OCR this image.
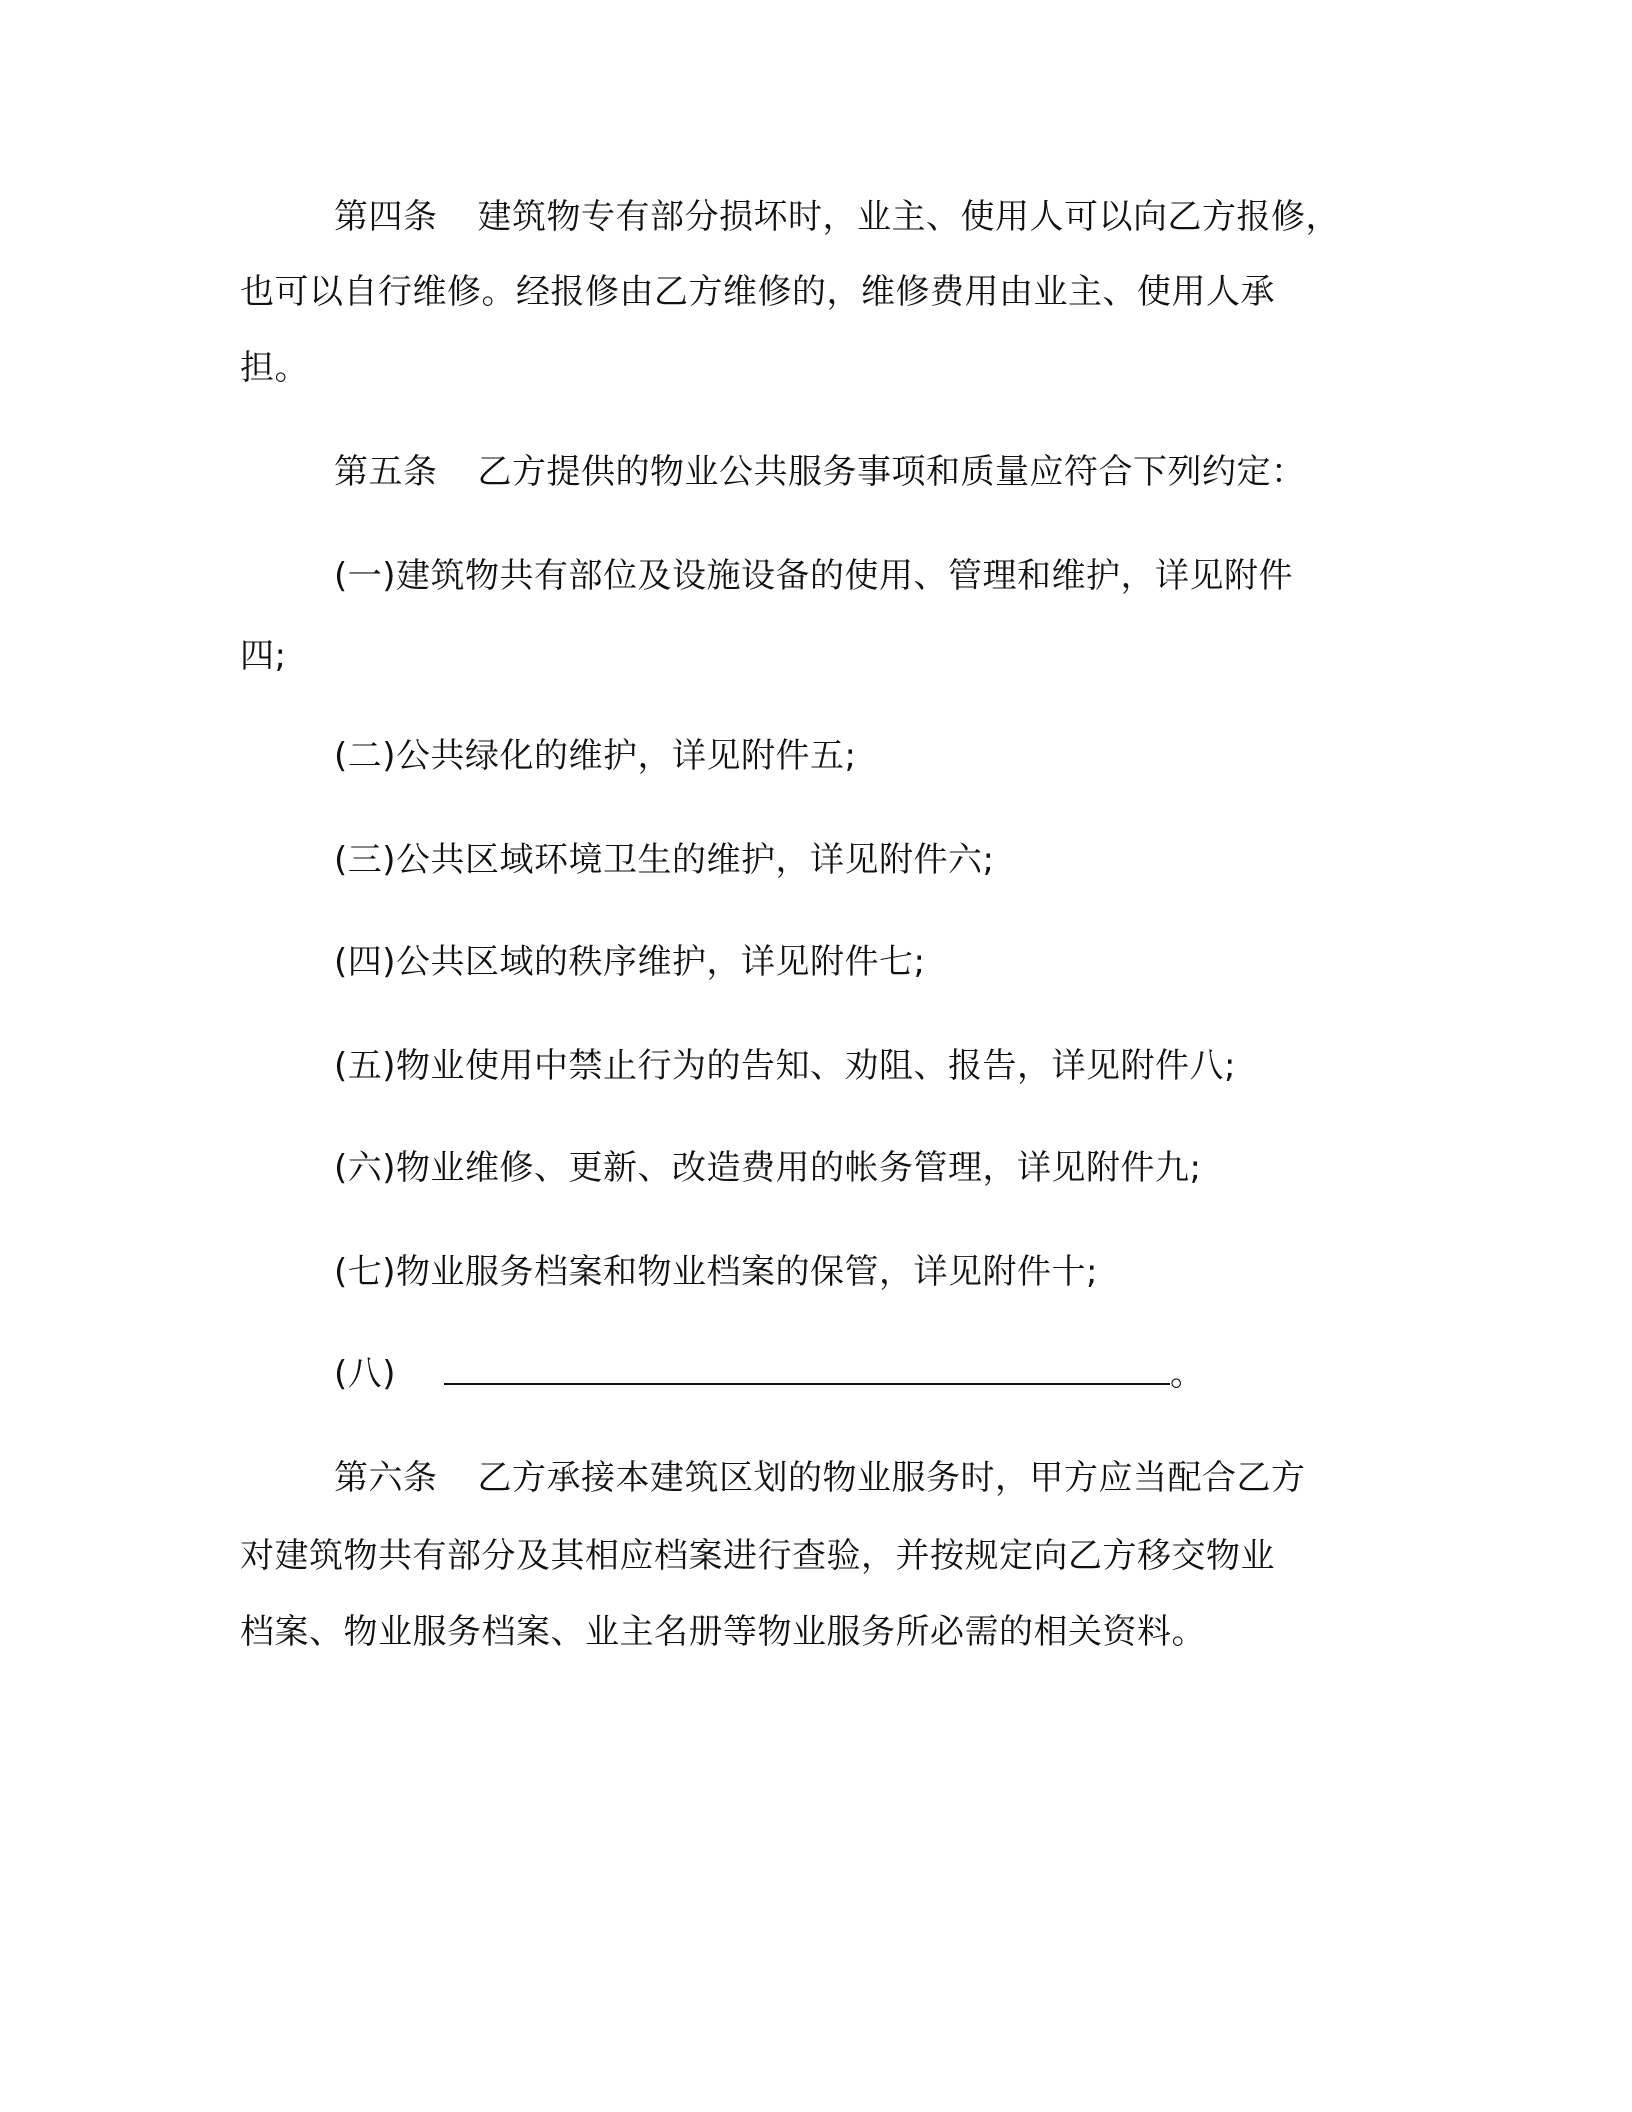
第四条 建筑物专有部分损坏时，业主、使用人可以向乙方报修，
也可以自行维修。经报修由乙方维修的，维修费用由业主、使用人承
担。
第五条 乙方提供的物业公共服务事项和质量应符合下列约定：
(一)建筑物共有部位及设施设备的使用、管理和维护，详见附件
四;
(二)公共绿化的维护，详见附件五;
(三)公共区域环境卫生的维护，详见附件六;
(四)公共区域的秩序维护，详见附件七;
(五)物业使用中禁止行为的告知、劝阻、报告，详见附件八;
(六)物业维修、更新、改造费用的帐务管理，详见附件九;
(七)物业服务档案和物业档案的保管，详见附件十;
(八)	。
第六条 乙方承接本建筑区划的物业服务时，甲方应当配合乙方
对建筑物共有部分及其相应档案进行查验，并按规定向乙方移交物业
档案、物业服务档案、业主名册等物业服务所必需的相关资料。
